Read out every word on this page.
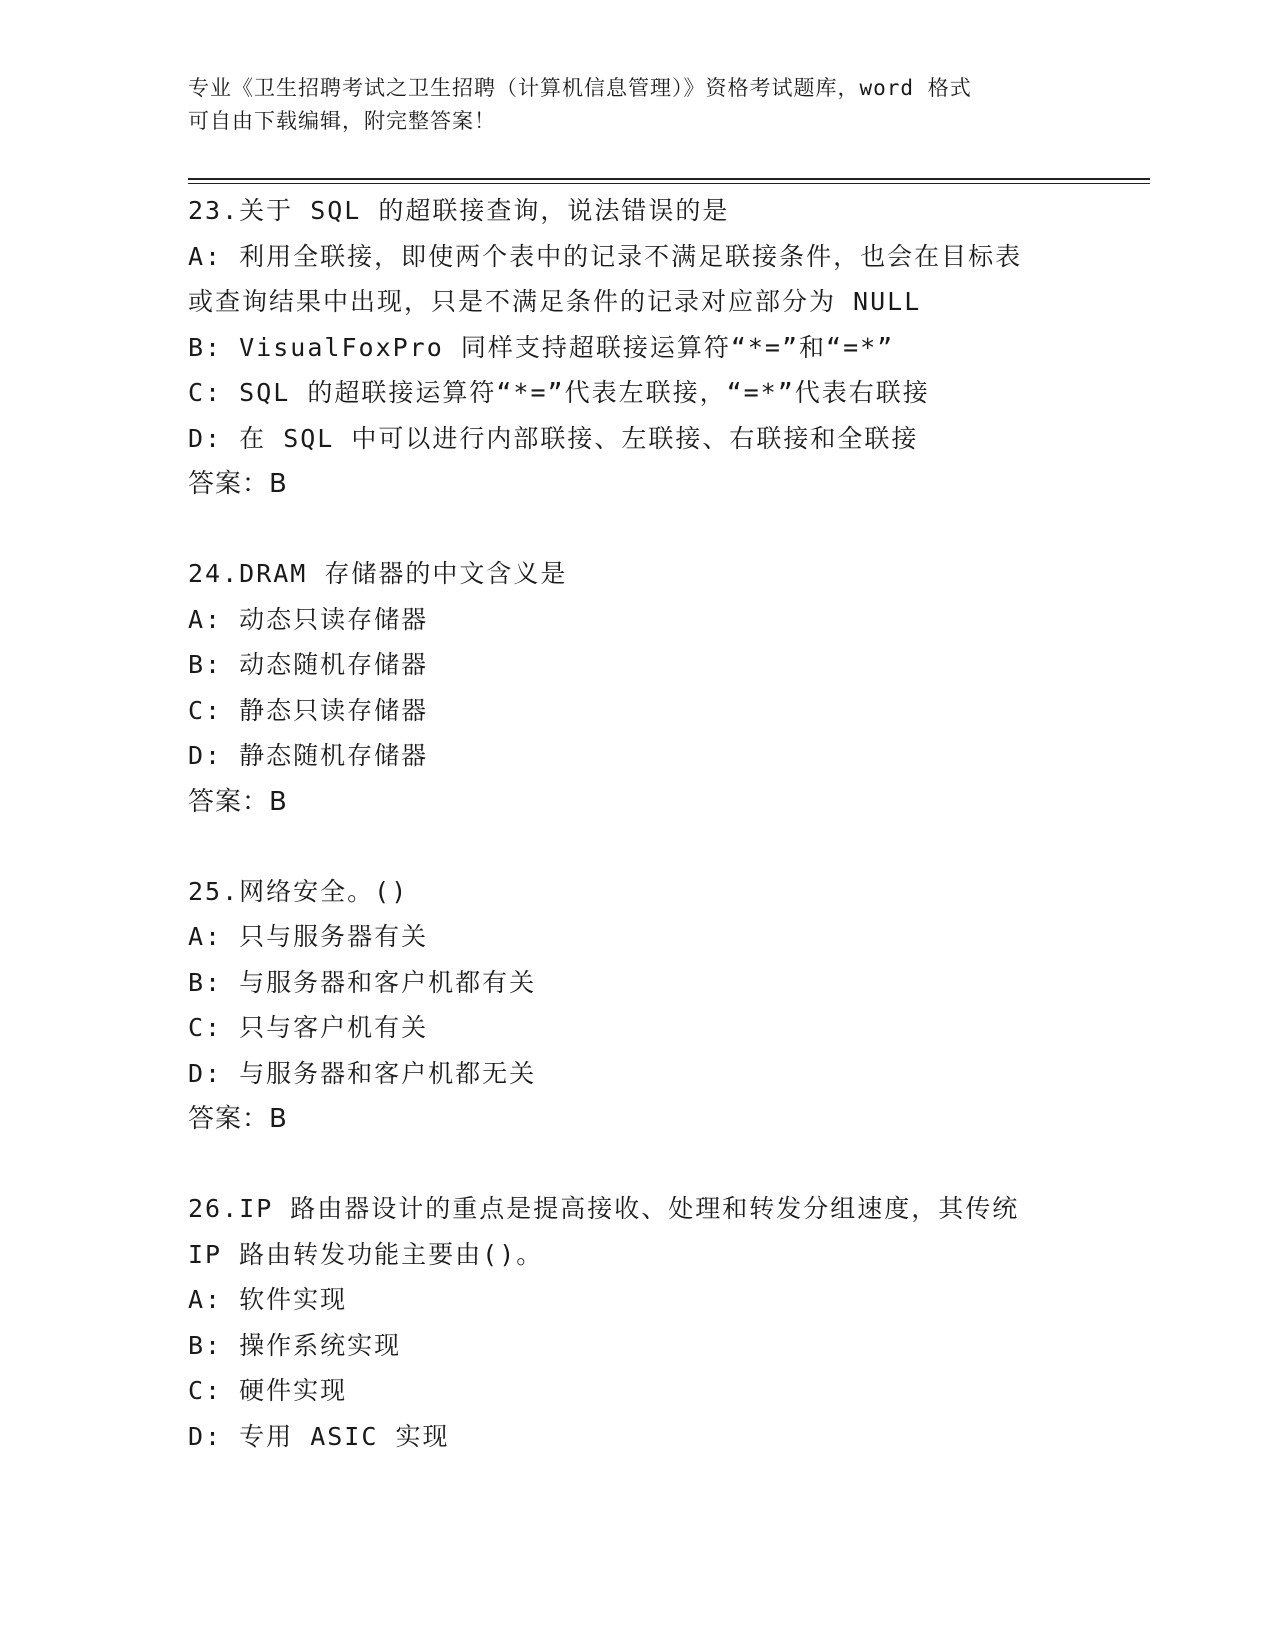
专业《卫生招聘考试之卫生招聘（计算机信息管理）》资格考试题库，word 格式
可自由下载编辑，附完整答案！
23.关于 SQL 的超联接查询，说法错误的是
A: 利用全联接，即使两个表中的记录不满足联接条件，也会在目标表
或查询结果中出现，只是不满足条件的记录对应部分为 NULL
B: VisualFoxPro 同样支持超联接运算符“*=”和“=*”
C: SQL 的超联接运算符“*=”代表左联接，“=*”代表右联接
D: 在 SQL 中可以进行内部联接、左联接、右联接和全联接
答案：B
24.DRAM 存储器的中文含义是
A: 动态只读存储器
B: 动态随机存储器
C: 静态只读存储器
D: 静态随机存储器
答案：B
25.网络安全。()
A: 只与服务器有关
B: 与服务器和客户机都有关
C: 只与客户机有关
D: 与服务器和客户机都无关
答案：B
26.IP 路由器设计的重点是提高接收、处理和转发分组速度，其传统
IP 路由转发功能主要由()。
A: 软件实现
B: 操作系统实现
C: 硬件实现
D: 专用 ASIC 实现
